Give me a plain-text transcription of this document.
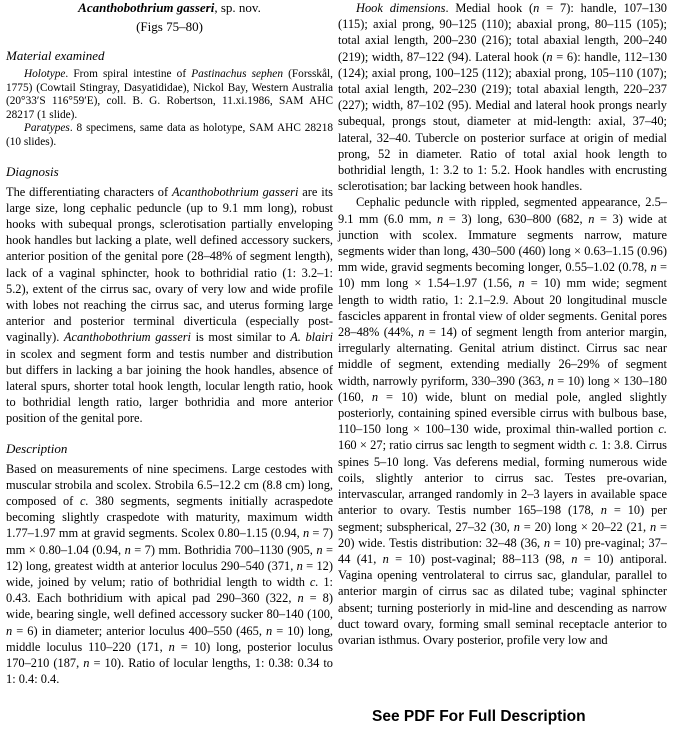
Acanthobothrium gasseri, sp. nov.
(Figs 75–80)
Material examined

Holotype. From spiral intestine of Pastinachus sephen (Forsskål, 1775) (Cowtail Stingray, Dasyatididae), Nickol Bay, Western Australia (20°33′S 116°59′E), coll. B. G. Robertson, 11.xi.1986, SAM AHC 28217 (1 slide).

Paratypes. 8 specimens, same data as holotype, SAM AHC 28218 (10 slides).

Diagnosis

The differentiating characters of Acanthobothrium gasseri are its large size, long cephalic peduncle (up to 9.1 mm long), robust hooks with subequal prongs, sclerotisation partially enveloping hook handles but lacking a plate, well defined accessory suckers, anterior position of the genital pore (28–48% of segment length), lack of a vaginal sphincter, hook to bothridial ratio (1: 3.2–1: 5.2), extent of the cirrus sac, ovary of very low and wide profile with lobes not reaching the cirrus sac, and uterus forming large anterior and posterior terminal diverticula (especially post-vaginally). Acanthobothrium gasseri is most similar to A. blairi in scolex and segment form and testis number and distribution but differs in lacking a bar joining the hook handles, absence of lateral spurs, shorter total hook length, locular length ratio, hook to bothridial length ratio, larger bothridia and more anterior position of the genital pore.

Description

Based on measurements of nine specimens. Large cestodes with muscular strobila and scolex. Strobila 6.5–12.2 cm (8.8 cm) long, composed of c. 380 segments, segments initially acraspedote becoming slightly craspedote with maturity, maximum width 1.77–1.97 mm at gravid segments. Scolex 0.80–1.15 (0.94, n = 7) mm × 0.80–1.04 (0.94, n = 7) mm. Bothridia 700–1130 (905, n = 12) long, greatest width at anterior loculus 290–540 (371, n = 12) wide, joined by velum; ratio of bothridial length to width c. 1: 0.43. Each bothridium with apical pad 290–360 (322, n = 8) wide, bearing single, well defined accessory sucker 80–140 (100, n = 6) in diameter; anterior loculus 400–550 (465, n = 10) long, middle loculus 110–220 (171, n = 10) long, posterior loculus 170–210 (187, n = 10). Ratio of locular lengths, 1: 0.38: 0.34 to 1: 0.4: 0.4.

Hook dimensions. Medial hook (n = 7): handle, 107–130 (115); axial prong, 90–125 (110); abaxial prong, 80–115 (105); total axial length, 200–230 (216); total abaxial length, 200–240 (219); width, 87–122 (94). Lateral hook (n = 6): handle, 112–130 (124); axial prong, 100–125 (112); abaxial prong, 105–110 (107); total axial length, 202–230 (219); total abaxial length, 220–237 (227); width, 87–102 (95). Medial and lateral hook prongs nearly subequal, prongs stout, diameter at mid-length: axial, 37–40; lateral, 32–40. Tubercle on posterior surface at origin of medial prong, 52 in diameter. Ratio of total axial hook length to bothridial length, 1: 3.2 to 1: 5.2. Hook handles with encrusting sclerotisation; bar lacking between hook handles.

Cephalic peduncle with rippled, segmented appearance, 2.5–9.1 mm (6.0 mm, n = 3) long, 630–800 (682, n = 3) wide at junction with scolex. Immature segments narrow, mature segments wider than long, 430–500 (460) long × 0.63–1.15 (0.96) mm wide, gravid segments becoming longer, 0.55–1.02 (0.78, n = 10) mm long × 1.54–1.97 (1.56, n = 10) mm wide; segment length to width ratio, 1: 2.1–2.9. About 20 longitudinal muscle fascicles apparent in frontal view of older segments. Genital pores 28–48% (44%, n = 14) of segment length from anterior margin, irregularly alternating. Genital atrium distinct. Cirrus sac near middle of segment, extending medially 26–29% of segment width, narrowly pyriform, 330–390 (363, n = 10) long × 130–180 (160, n = 10) wide, blunt on medial pole, angled slightly posteriorly, containing spined eversible cirrus with bulbous base, 110–150 long × 100–130 wide, proximal thin-walled portion c. 160 × 27; ratio cirrus sac length to segment width c. 1: 3.8. Cirrus spines 5–10 long. Vas deferens medial, forming numerous wide coils, slightly anterior to cirrus sac. Testes pre-ovarian, intervascular, arranged randomly in 2–3 layers in available space anterior to ovary. Testis number 165–198 (178, n = 10) per segment; subspherical, 27–32 (30, n = 20) long × 20–22 (21, n = 20) wide. Testis distribution: 32–48 (36, n = 10) pre-vaginal; 37–44 (41, n = 10) post-vaginal; 88–113 (98, n = 10) antiporal. Vagina opening ventrolateral to cirrus sac, glandular, parallel to anterior margin of cirrus sac as dilated tube; vaginal sphincter absent; turning posteriorly in mid-line and descending as narrow duct toward ovary, forming small seminal receptacle anterior to ovarian isthmus. Ovary posterior, profile very low and

See PDF For Full Description
